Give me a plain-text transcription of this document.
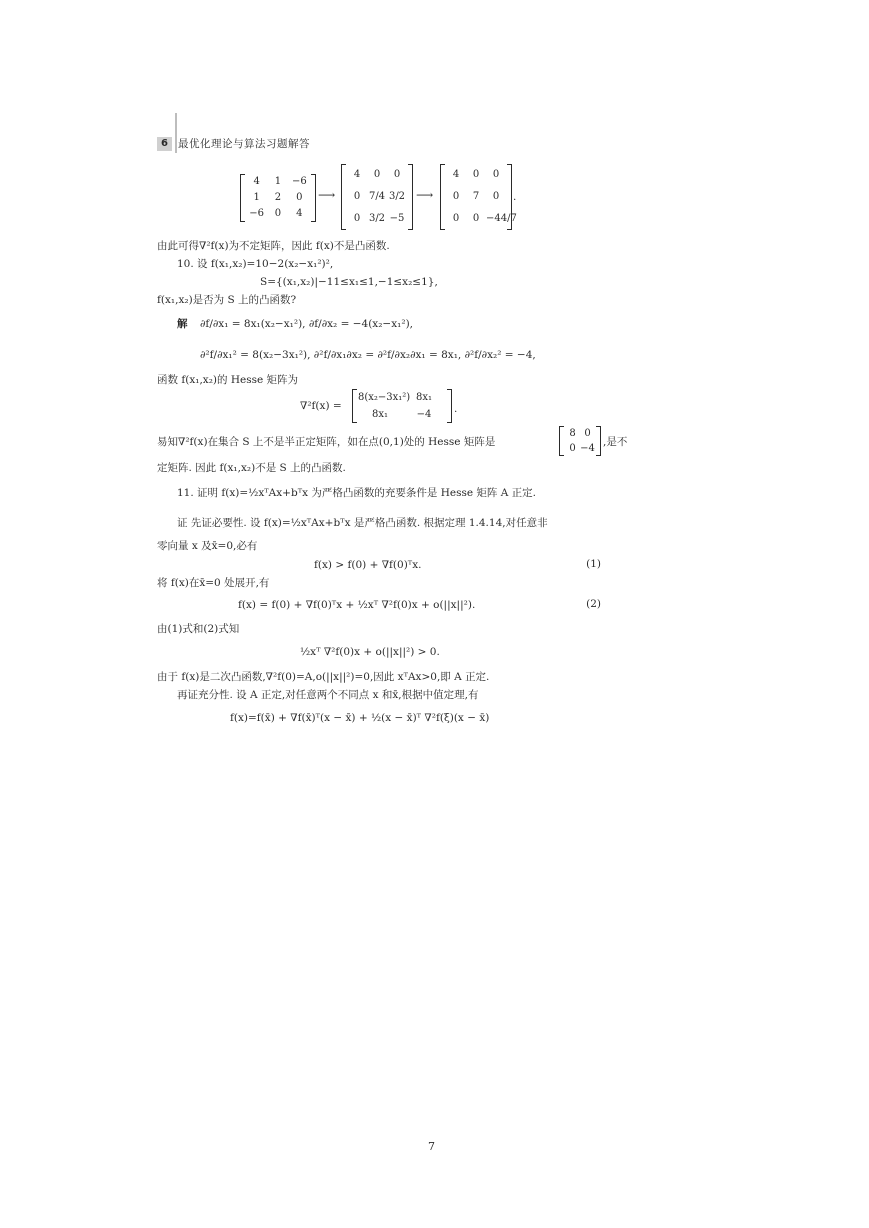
6 最优化理论与算法习题解答
4	1	−6
1	2	0
−6	0	4
⟶
4	0	0
0 7/4 3/2
0 3/2 −5
⟶
4	0	0
0	7	0
0	0 −44/7
.
由此可得∇²f(x)为不定矩阵，因此 f(x)不是凸函数.
10. 设 f(x₁,x₂)=10−2(x₂−x₁²)²,
S={(x₁,x₂)|−11≤x₁≤1,−1≤x₂≤1},
f(x₁,x₂)是否为 S 上的凸函数?
解 ∂f/∂x₁ = 8x₁(x₂−x₁²), ∂f/∂x₂ = −4(x₂−x₁²),
∂²f/∂x₁² = 8(x₂−3x₁²), ∂²f/∂x₁∂x₂ = ∂²f/∂x₂∂x₁ = 8x₁, ∂²f/∂x₂² = −4,
函数 f(x₁,x₂)的 Hesse 矩阵为
∇²f(x) =
8(x₂−3x₁²) 8x₁
8x₁	−4	.
易知∇²f(x)在集合 S 上不是半正定矩阵，如在点(0,1)处的 Hesse 矩阵是
8 0
0 −4 ,是不
定矩阵. 因此 f(x₁,x₂)不是 S 上的凸函数.
11. 证明 f(x)=½xᵀAx+bᵀx 为严格凸函数的充要条件是 Hesse 矩阵 A 正定.
证 先证必要性. 设 f(x)=½xᵀAx+bᵀx 是严格凸函数. 根据定理 1.4.14,对任意非
零向量 x 及x̄=0,必有
f(x) > f(0) + ∇f(0)ᵀx.	(1)
将 f(x)在x̄=0 处展开,有
f(x) = f(0) + ∇f(0)ᵀx + ½xᵀ ∇²f(0)x + o(||x||²).	(2)
由(1)式和(2)式知
½xᵀ ∇²f(0)x + o(||x||²) > 0.
由于 f(x)是二次凸函数,∇²f(0)=A,o(||x||²)=0,因此 xᵀAx>0,即 A 正定.
再证充分性. 设 A 正定,对任意两个不同点 x 和x̄,根据中值定理,有
f(x)=f(x̄) + ∇f(x̄)ᵀ(x − x̄) + ½(x − x̄)ᵀ ∇²f(ξ)(x − x̄)
7
